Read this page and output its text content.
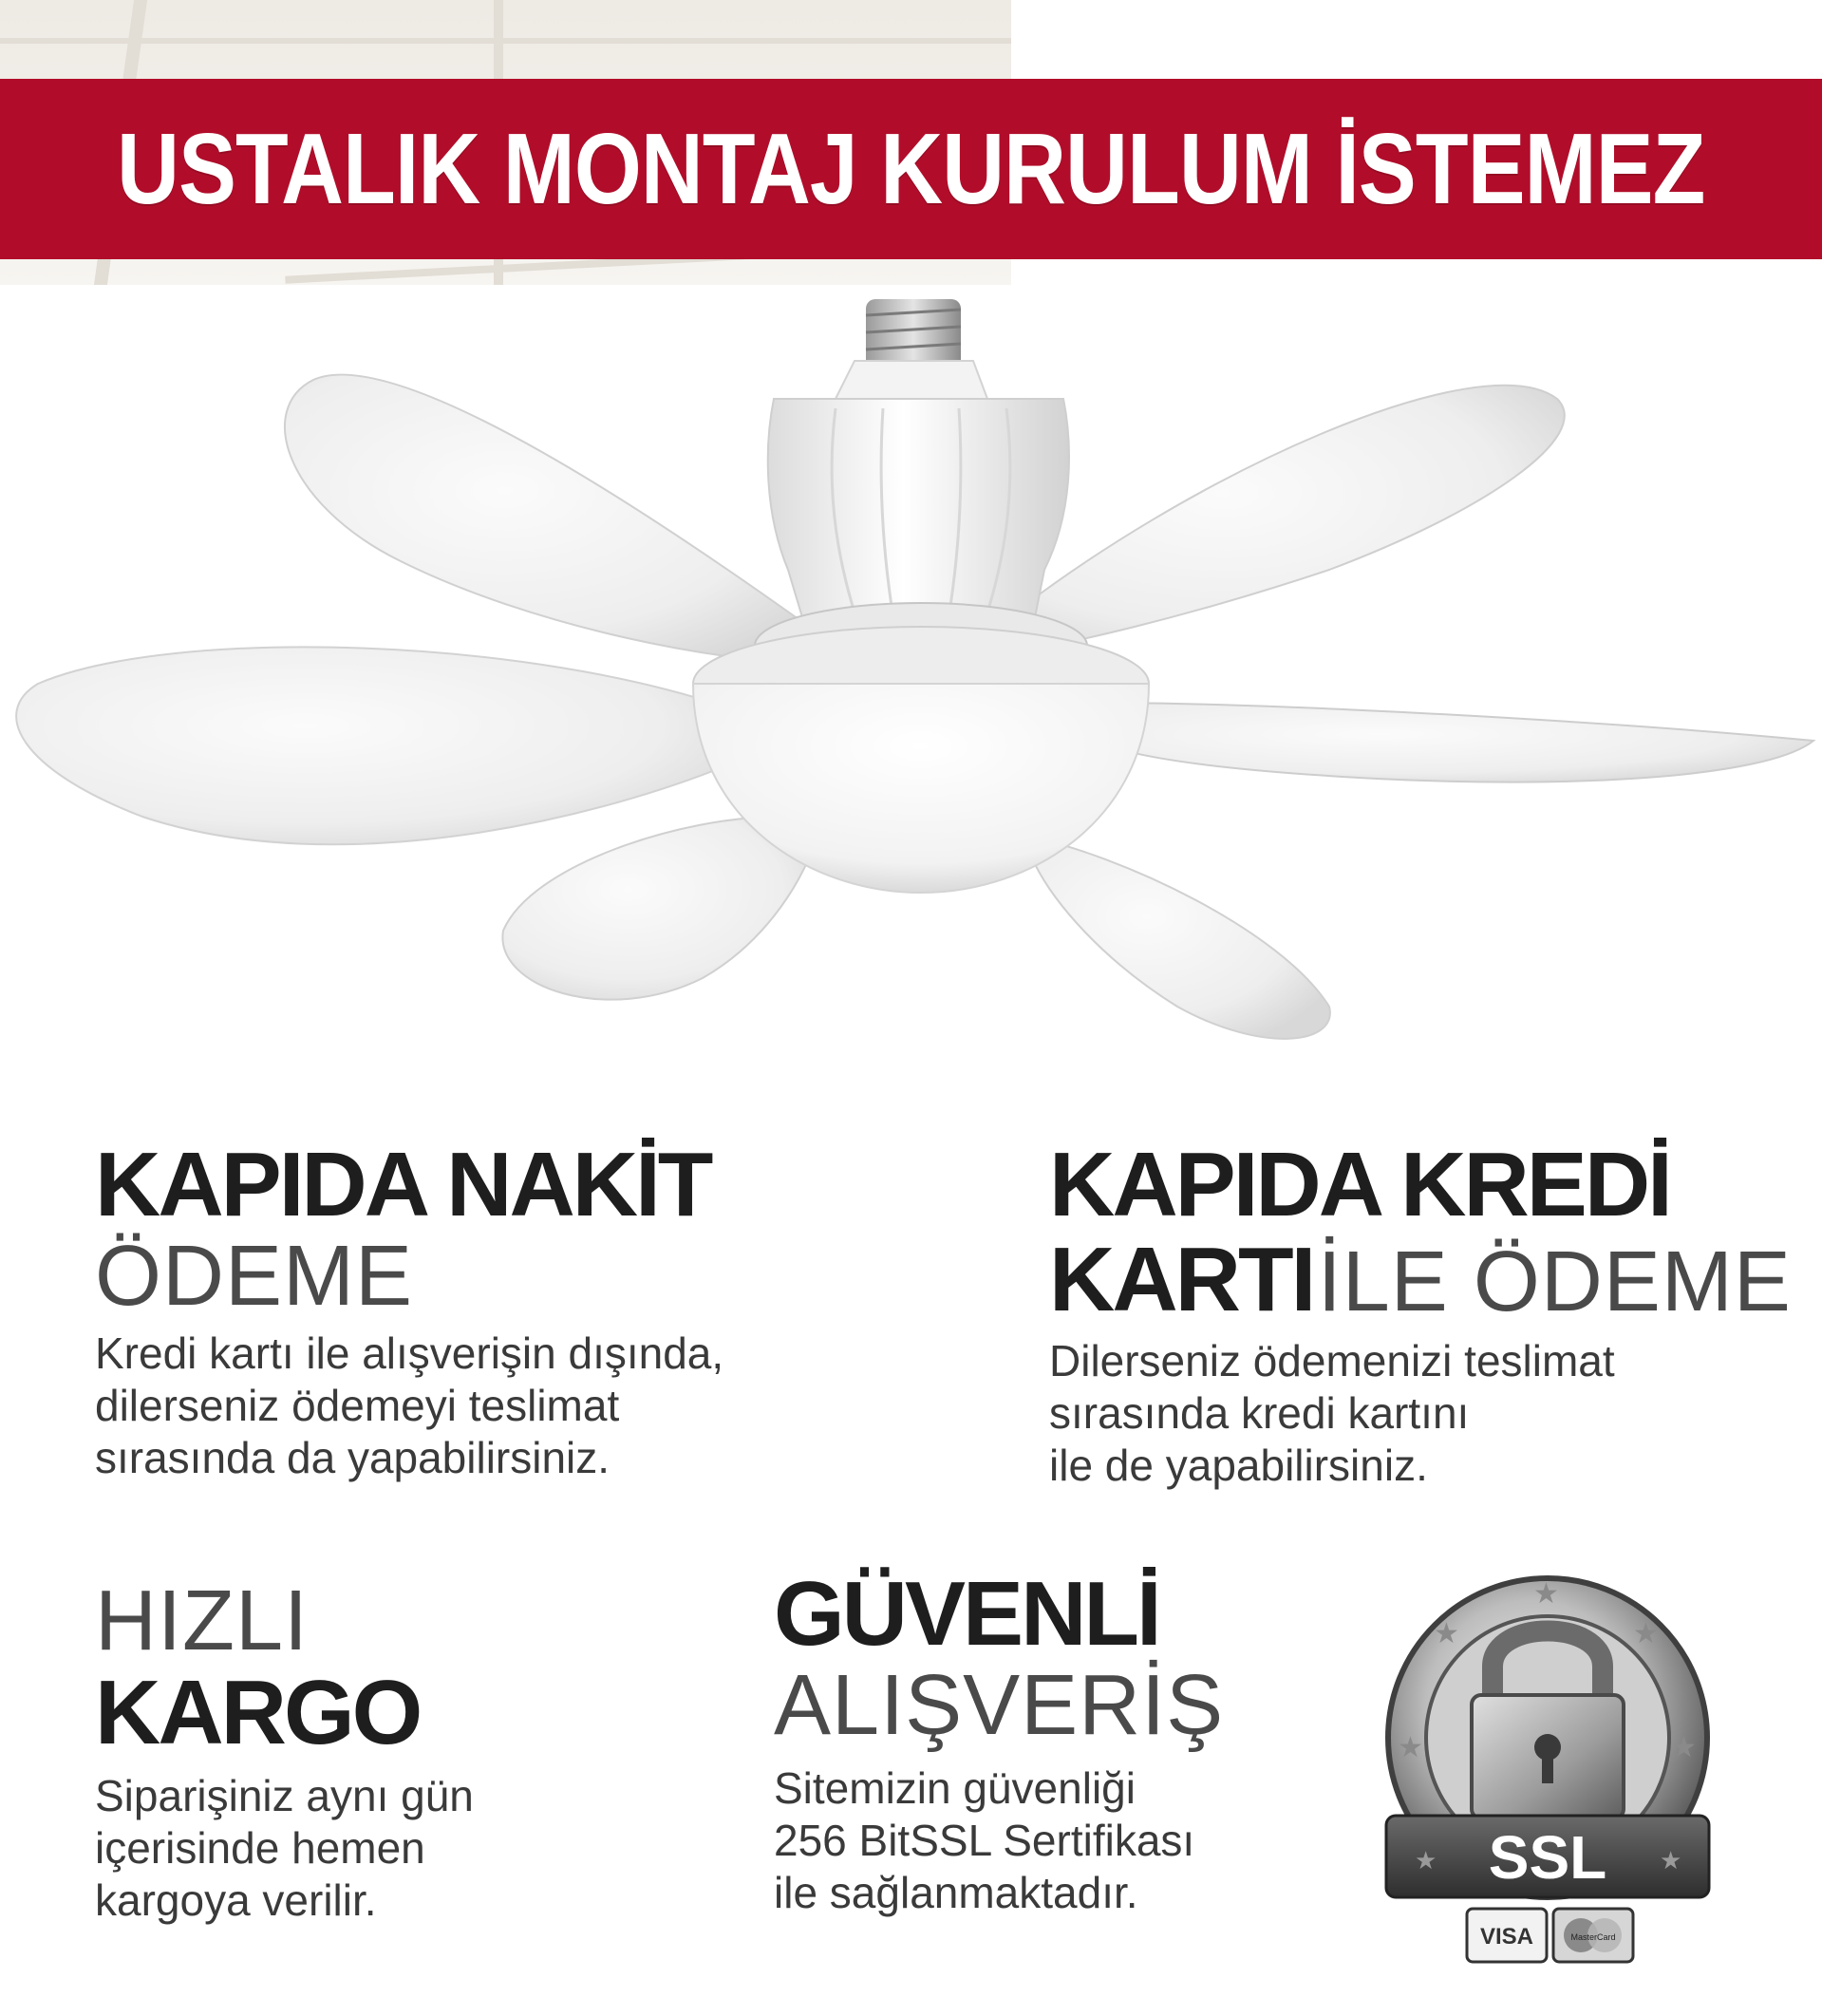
USTALIK MONTAJ KURULUM İSTEMEZ
KAPIDA NAKİT
ÖDEME
Kredi kartı ile alışverişin dışında,
dilerseniz ödemeyi teslimat
sırasında da yapabilirsiniz.
KAPIDA KREDİ
KARTI İLE ÖDEME
Dilerseniz ödemenizi teslimat
sırasında kredi kartını
ile de yapabilirsiniz.
HIZLI
KARGO
Siparişiniz aynı gün
içerisinde hemen
kargoya verilir.
GÜVENLİ
ALIŞVERİŞ
Sitemizin güvenliği
256 BitSSL Sertifikası
ile sağlanmaktadır.
★	★
★	★
★
★	★
SSL
VISA	MasterCard
